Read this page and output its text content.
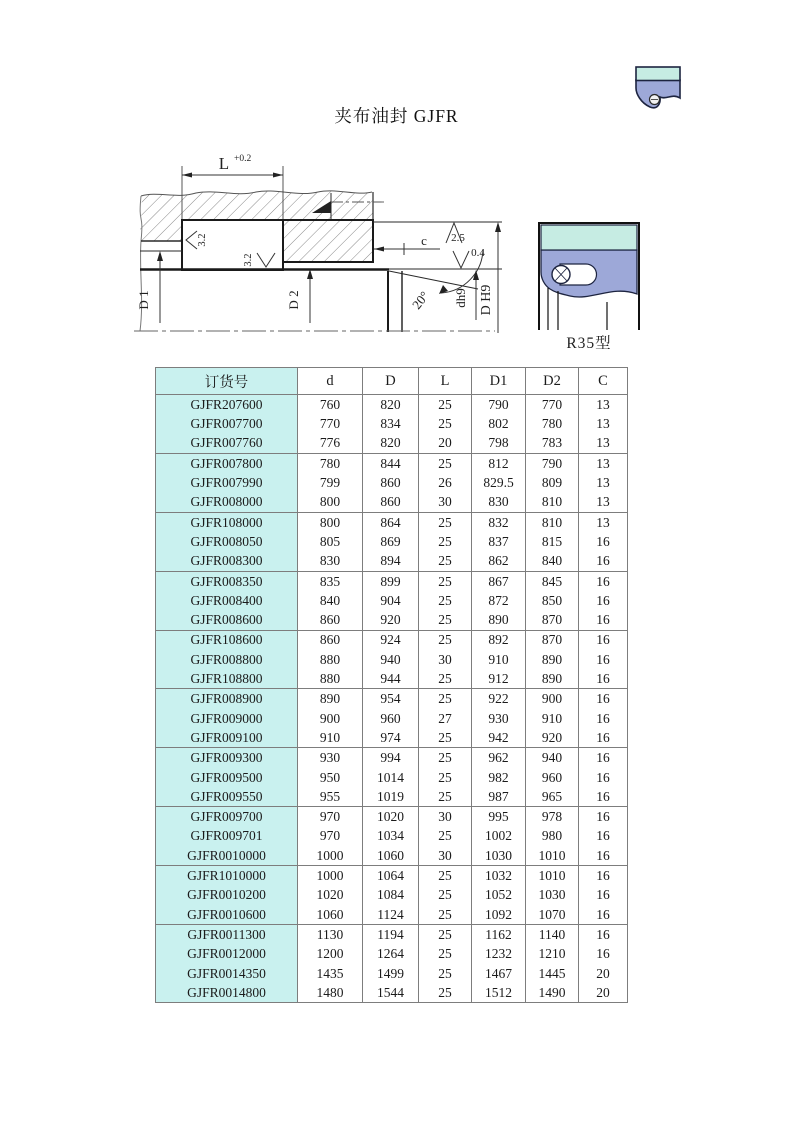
夹布油封 GJFR
L +0.2
3.2
3.2
2.5
0.4
c
20°
D 1	D 2	dh9 D H9
R35型
订货号	d	D	L	D1	D2	C
GJFR207600	760	820	25	790	770	13
GJFR007700	770	834	25	802	780	13
GJFR007760	776	820	20	798	783	13
GJFR007800	780	844	25	812	790	13
GJFR007990	799	860	26	829.5	809	13
GJFR008000	800	860	30	830	810	13
GJFR108000	800	864	25	832	810	13
GJFR008050	805	869	25	837	815	16
GJFR008300	830	894	25	862	840	16
GJFR008350	835	899	25	867	845	16
GJFR008400	840	904	25	872	850	16
GJFR008600	860	920	25	890	870	16
GJFR108600	860	924	25	892	870	16
GJFR008800	880	940	30	910	890	16
GJFR108800	880	944	25	912	890	16
GJFR008900	890	954	25	922	900	16
GJFR009000	900	960	27	930	910	16
GJFR009100	910	974	25	942	920	16
GJFR009300	930	994	25	962	940	16
GJFR009500	950	1014	25	982	960	16
GJFR009550	955	1019	25	987	965	16
GJFR009700	970	1020	30	995	978	16
GJFR009701	970	1034	25	1002	980	16
GJFR0010000	1000	1060	30	1030	1010	16
GJFR1010000	1000	1064	25	1032	1010	16
GJFR0010200	1020	1084	25	1052	1030	16
GJFR0010600	1060	1124	25	1092	1070	16
GJFR0011300	1130	1194	25	1162	1140	16
GJFR0012000	1200	1264	25	1232	1210	16
GJFR0014350	1435	1499	25	1467	1445	20
GJFR0014800	1480	1544	25	1512	1490	20
